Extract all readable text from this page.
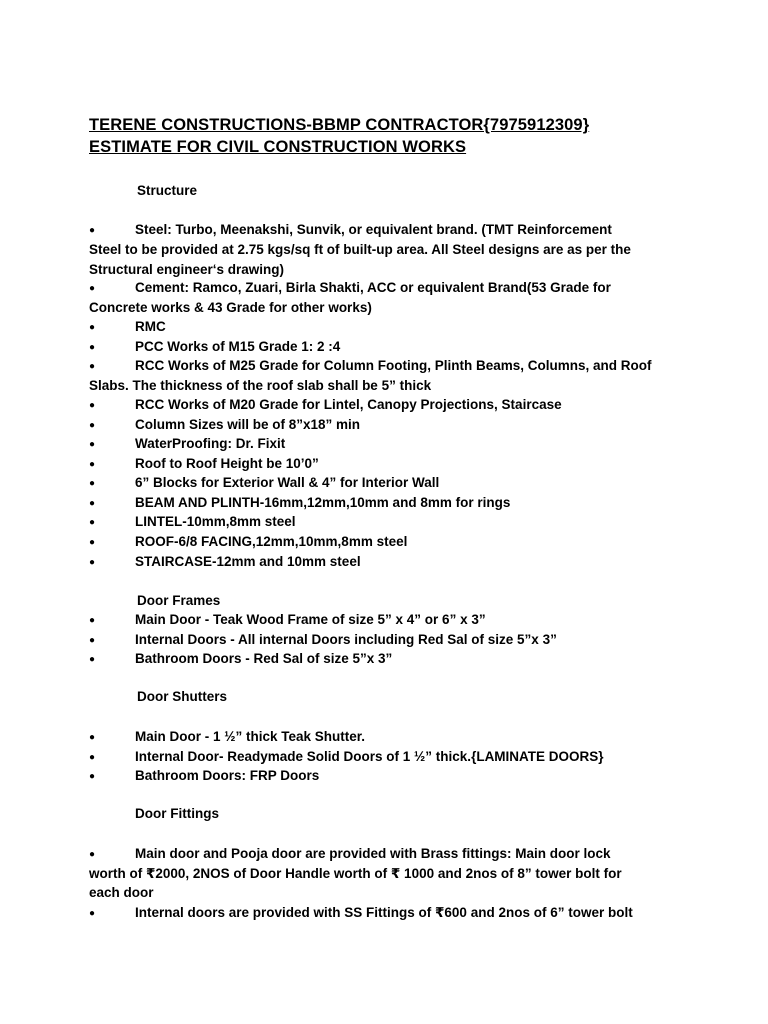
TERENE CONSTRUCTIONS-BBMP CONTRACTOR{7975912309}
ESTIMATE FOR CIVIL CONSTRUCTION WORKS
Structure
●	Steel: Turbo, Meenakshi, Sunvik, or equivalent brand. (TMT Reinforcement
Steel to be provided at 2.75 kgs/sq ft of built-up area. All Steel designs are as per the
Structural engineer‘s drawing)
●	Cement: Ramco, Zuari, Birla Shakti, ACC or equivalent Brand(53 Grade for
Concrete works & 43 Grade for other works)
●	RMC
●	PCC Works of M15 Grade 1: 2 :4
●	RCC Works of M25 Grade for Column Footing, Plinth Beams, Columns, and Roof
Slabs. The thickness of the roof slab shall be 5” thick
●	RCC Works of M20 Grade for Lintel, Canopy Projections, Staircase
●	Column Sizes will be of 8”x18” min
●	WaterProofing: Dr. Fixit
●	Roof to Roof Height be 10’0”
●	6” Blocks for Exterior Wall & 4” for Interior Wall
●	BEAM AND PLINTH-16mm,12mm,10mm and 8mm for rings
●	LINTEL-10mm,8mm steel
●	ROOF-6/8 FACING,12mm,10mm,8mm steel
●	STAIRCASE-12mm and 10mm steel
Door Frames
●	Main Door - Teak Wood Frame of size 5” x 4” or 6” x 3”
●	Internal Doors - All internal Doors including Red Sal of size 5”x 3”
●	Bathroom Doors - Red Sal of size 5”x 3”
Door Shutters
●	Main Door - 1 ½” thick Teak Shutter.
●	Internal Door- Readymade Solid Doors of 1 ½” thick.{LAMINATE DOORS}
●	Bathroom Doors: FRP Doors
Door Fittings
●	Main door and Pooja door are provided with Brass fittings: Main door lock
worth of ₹2000, 2NOS of Door Handle worth of ₹ 1000 and 2nos of 8” tower bolt for
each door
●	Internal doors are provided with SS Fittings of ₹600 and 2nos of 6” tower bolt
